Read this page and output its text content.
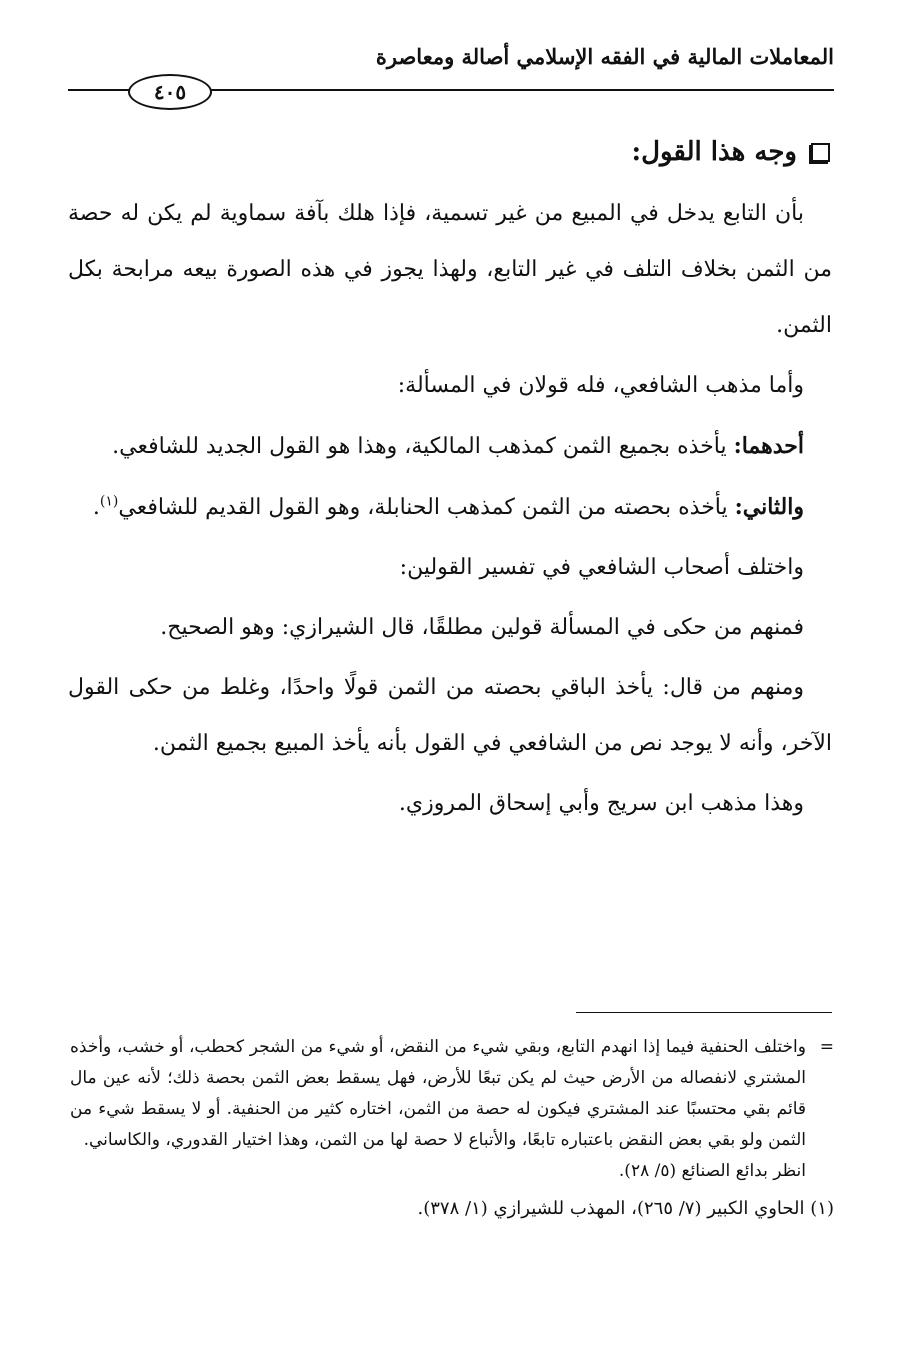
المعاملات المالية في الفقه الإسلامي أصالة ومعاصرة
٤٠٥
وجه هذا القول:

بأن التابع يدخل في المبيع من غير تسمية، فإذا هلك بآفة سماوية لم يكن له حصة من الثمن بخلاف التلف في غير التابع، ولهذا يجوز في هذه الصورة بيعه مرابحة بكل الثمن.

وأما مذهب الشافعي، فله قولان في المسألة:

أحدهما: يأخذه بجميع الثمن كمذهب المالكية، وهذا هو القول الجديد للشافعي.

والثاني: يأخذه بحصته من الثمن كمذهب الحنابلة، وهو القول القديم للشافعي$^{(١)}$.

واختلف أصحاب الشافعي في تفسير القولين:

فمنهم من حكى في المسألة قولين مطلقًا، قال الشيرازي: وهو الصحيح.

ومنهم من قال: يأخذ الباقي بحصته من الثمن قولًا واحدًا، وغلط من حكى القول الآخر، وأنه لا يوجد نص من الشافعي في القول بأنه يأخذ المبيع بجميع الثمن.

وهذا مذهب ابن سريج وأبي إسحاق المروزي.

=
واختلف الحنفية فيما إذا انهدم التابع، وبقي شيء من النقض، أو شيء من الشجر كحطب، أو خشب، وأخذه المشتري لانفصاله من الأرض حيث لم يكن تبعًا للأرض، فهل يسقط بعض الثمن بحصة ذلك؛ لأنه عين مال قائم بقي محتسبًا عند المشتري فيكون له حصة من الثمن، اختاره كثير من الحنفية. أو لا يسقط شيء من الثمن ولو بقي بعض النقض باعتباره تابعًا، والأتباع لا حصة لها من الثمن، وهذا اختيار القدوري، والكاساني.
انظر بدائع الصنائع (٥/ ٢٨).
(١) الحاوي الكبير (٧/ ٢٦٥)، المهذب للشيرازي (١/ ٣٧٨).
